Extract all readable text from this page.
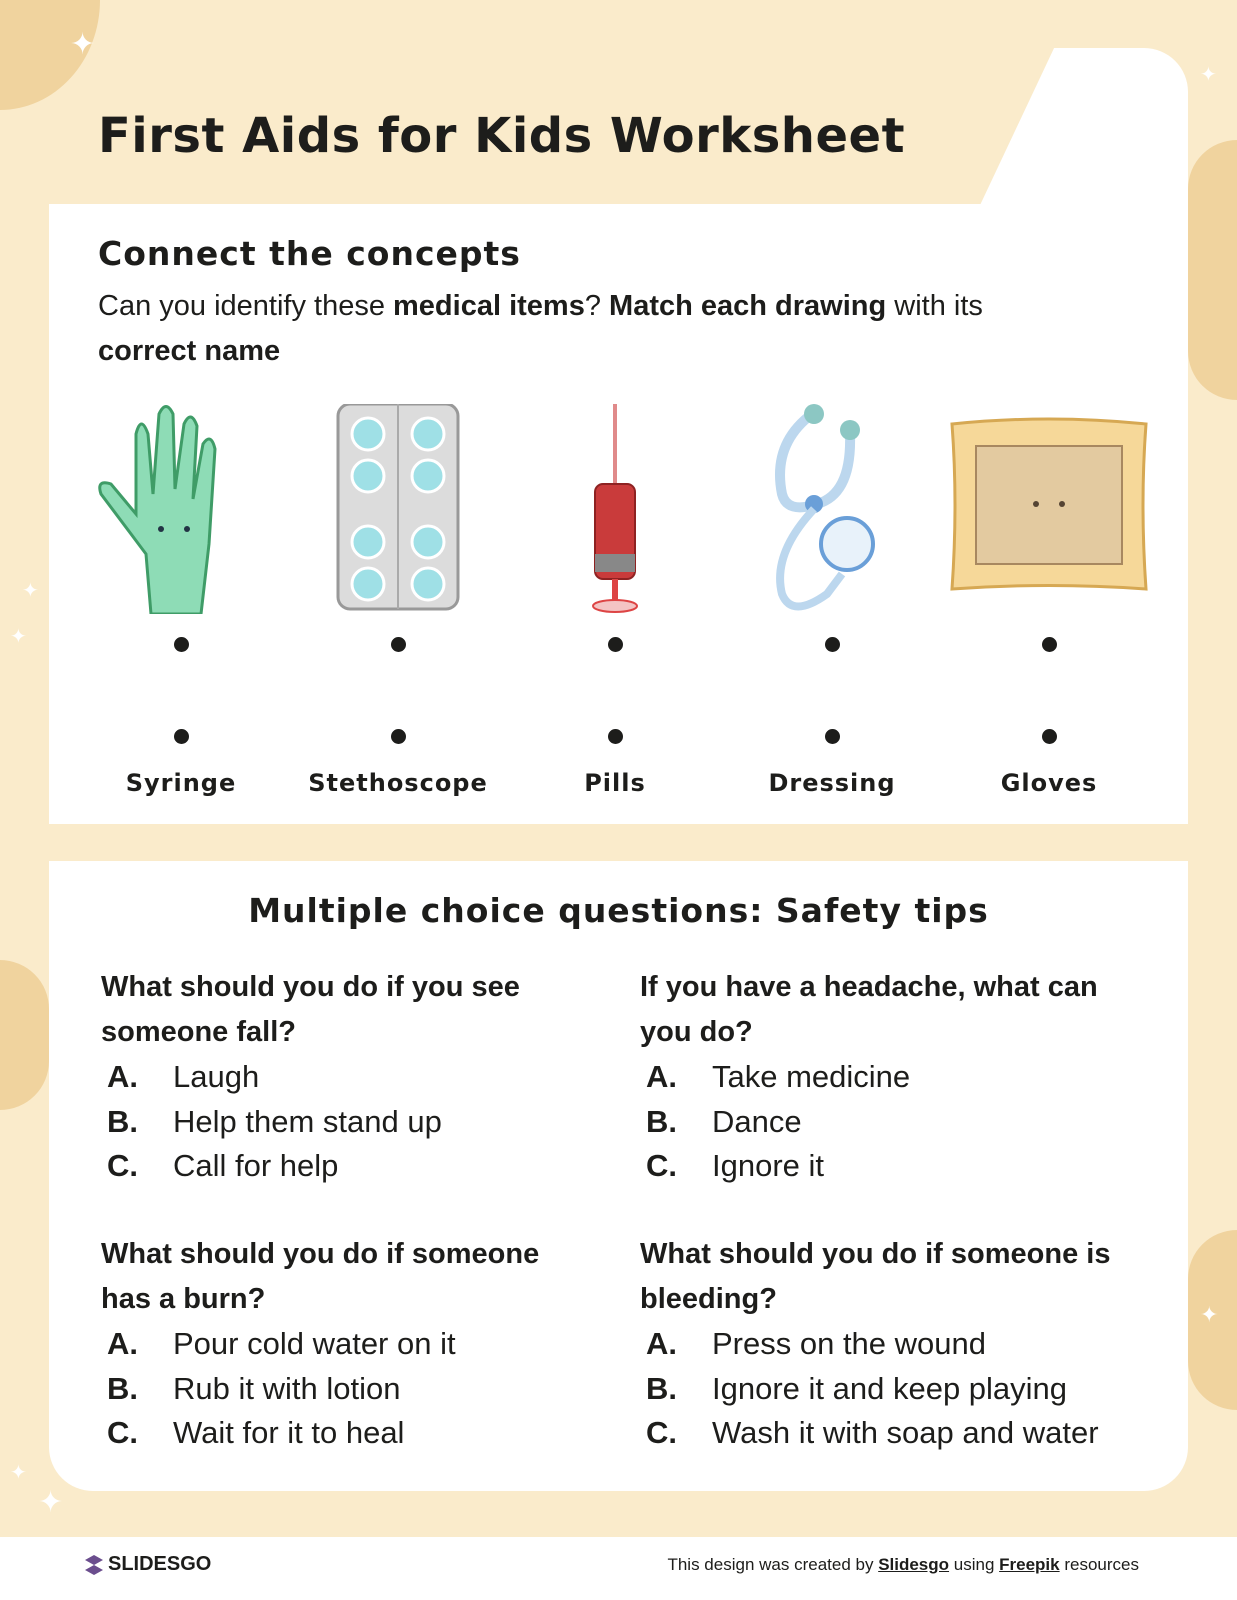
✦
✦
✦
✦
✦
✦
✦
First Aids for Kids Worksheet
Connect the concepts
Can you identify these medical items? Match each drawing with its
correct name
Syringe	Stethoscope	Pills	Dressing	Gloves
Multiple choice questions: Safety tips
What should you do if you see someone fall?
A.	Laugh
B.	Help them stand up
C.	Call for help
If you have a headache, what can you do?
A.	Take medicine
B.	Dance
C.	Ignore it
What should you do if someone has a burn?
A.	Pour cold water on it
B.	Rub it with lotion
C.	Wait for it to heal
What should you do if someone is bleeding?
A.	Press on the wound
B.	Ignore it and keep playing
C.	Wash it with soap and water
SLIDESGO	This design was created by Slidesgo using Freepik resources
